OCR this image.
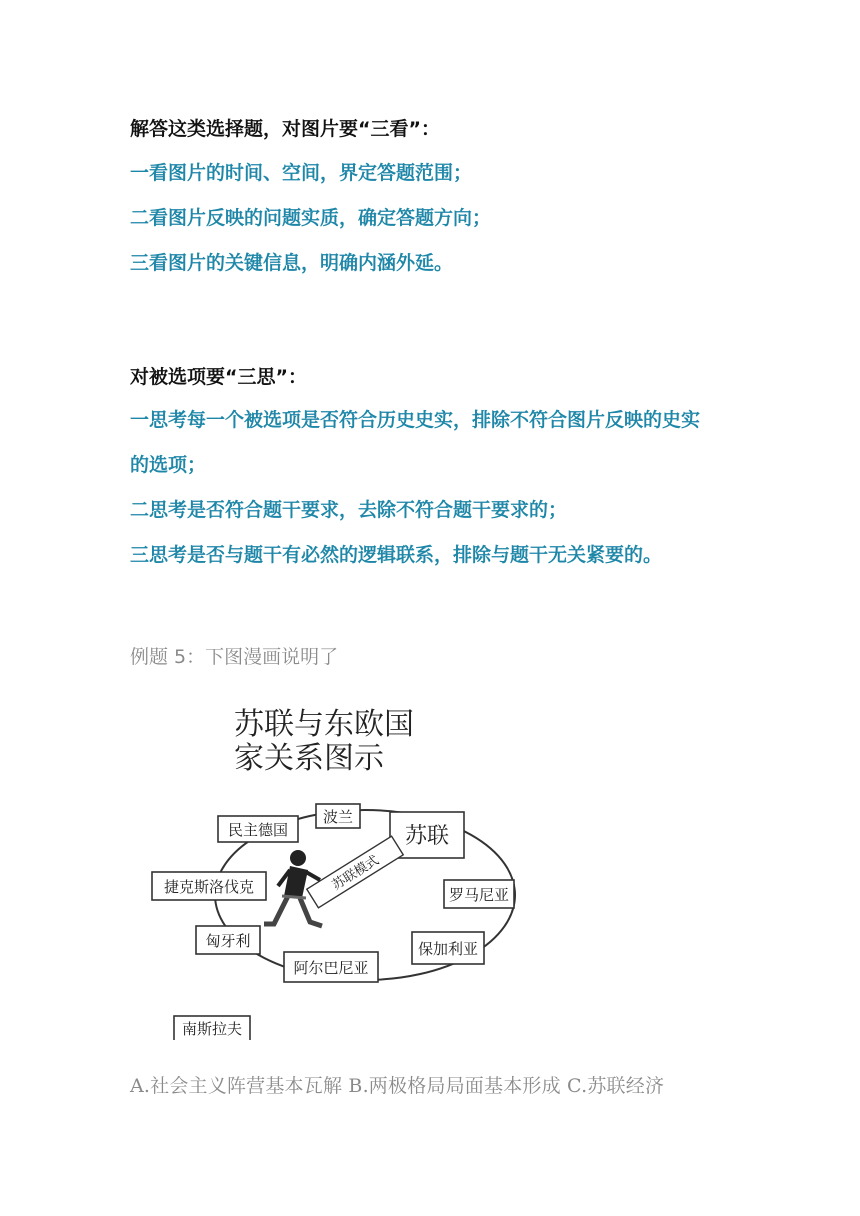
解答这类选择题，对图片要“三看”：
一看图片的时间、空间，界定答题范围；
二看图片反映的问题实质，确定答题方向；
三看图片的关键信息，明确内涵外延。
对被选项要“三思”：
一思考每一个被选项是否符合历史史实，排除不符合图片反映的史实
的选项；
二思考是否符合题干要求，去除不符合题干要求的；
三思考是否与题干有必然的逻辑联系，排除与题干无关紧要的。
例题 5：下图漫画说明了
苏联与东欧国
家关系图示
苏联
波兰
民主德国
捷克斯洛伐克
匈牙利
阿尔巴尼亚
保加利亚
罗马尼亚
南斯拉夫
苏联模式
A.社会主义阵营基本瓦解 B.两极格局局面基本形成 C.苏联经济
